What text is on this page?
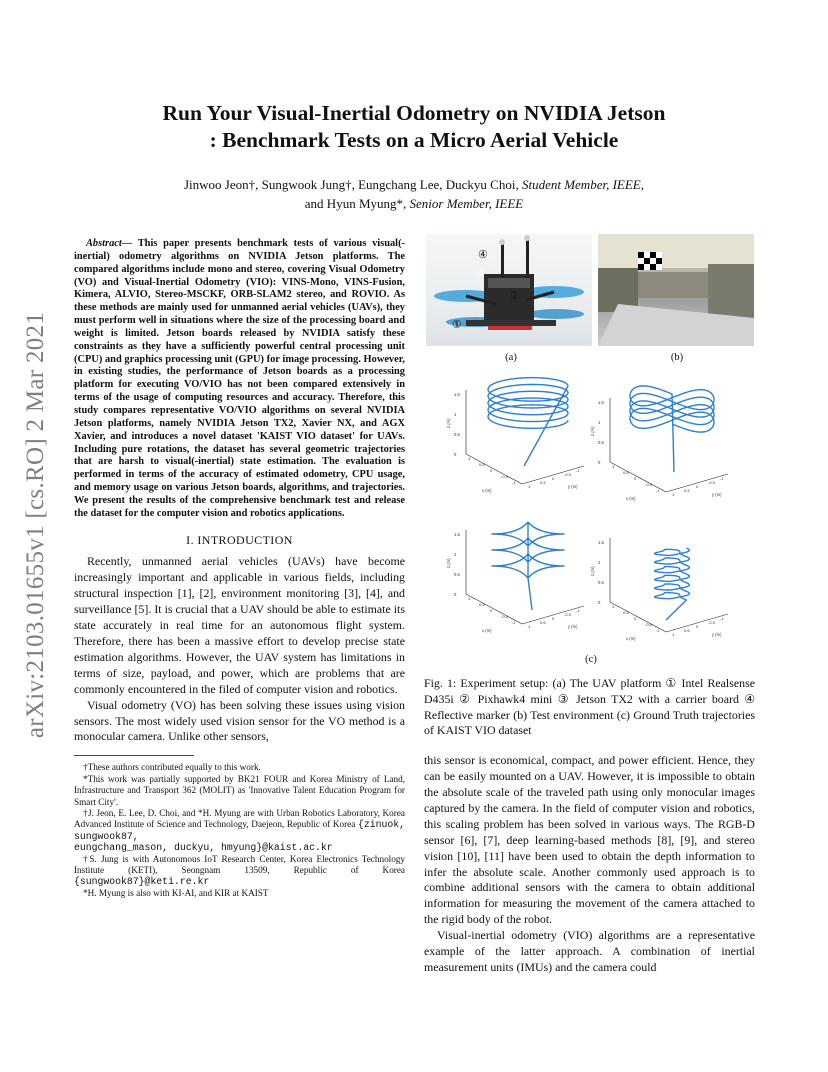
arXiv:2103.01655v1 [cs.RO] 2 Mar 2021
Run Your Visual-Inertial Odometry on NVIDIA Jetson
: Benchmark Tests on a Micro Aerial Vehicle
Jinwoo Jeon†, Sungwook Jung†, Eungchang Lee, Duckyu Choi, Student Member, IEEE,
and Hyun Myung*, Senior Member, IEEE

Abstract— This paper presents benchmark tests of various visual(-inertial) odometry algorithms on NVIDIA Jetson platforms. The compared algorithms include mono and stereo, covering Visual Odometry (VO) and Visual-Inertial Odometry (VIO): VINS-Mono, VINS-Fusion, Kimera, ALVIO, Stereo-MSCKF, ORB-SLAM2 stereo, and ROVIO. As these methods are mainly used for unmanned aerial vehicles (UAVs), they must perform well in situations where the size of the processing board and weight is limited. Jetson boards released by NVIDIA satisfy these constraints as they have a sufficiently powerful central processing unit (CPU) and graphics processing unit (GPU) for image processing. However, in existing studies, the performance of Jetson boards as a processing platform for executing VO/VIO has not been compared extensively in terms of the usage of computing resources and accuracy. Therefore, this study compares representative VO/VIO algorithms on several NVIDIA Jetson platforms, namely NVIDIA Jetson TX2, Xavier NX, and AGX Xavier, and introduces a novel dataset 'KAIST VIO dataset' for UAVs. Including pure rotations, the dataset has several geometric trajectories that are harsh to visual(-inertial) state estimation. The evaluation is performed in terms of the accuracy of estimated odometry, CPU usage, and memory usage on various Jetson boards, algorithms, and trajectories. We present the results of the comprehensive benchmark test and release the dataset for the computer vision and robotics applications.

I. INTRODUCTION

Recently, unmanned aerial vehicles (UAVs) have become increasingly important and applicable in various fields, including structural inspection [1], [2], environment monitoring [3], [4], and surveillance [5]. It is crucial that a UAV should be able to estimate its state accurately in real time for an autonomous flight system. Therefore, there has been a massive effort to develop precise state estimation algorithms. However, the UAV system has limitations in terms of size, payload, and power, which are problems that are commonly encountered in the filed of computer vision and robotics.

Visual odometry (VO) has been solving these issues using vision sensors. The most widely used vision sensor for the VO method is a monocular camera. Unlike other sensors,

†These authors contributed equally to this work.

*This work was partially supported by BK21 FOUR and Korea Ministry of Land, Infrastructure and Transport 362 (MOLIT) as 'Innovative Talent Education Program for Smart City'.

†J. Jeon, E. Lee, D. Choi, and *H. Myung are with Urban Robotics Laboratory, Korea Advanced Institute of Science and Technology, Daejeon, Republic of Korea {zinuok, sungwook87,
eungchang_mason, duckyu, hmyung}@kaist.ac.kr

†S. Jung is with Autonomous IoT Research Center, Korea Electronics Technology Institute (KETI), Seongnam 13509, Republic of Korea {sungwook87}@keti.re.kr

*H. Myung is also with KI-AI, and KIR at KAIST

④
③
②
①
(a)	(b)
1.5
1
0.5
0
z (m)
1
0.5
0
-0.5
-1
1
0.5
0
-0.5
-1
x (m)
y (m)
1.5
1
0.5
0
z (m)
1
0.5
0
-0.5
-1
1
0.5
0
-0.5
-1
x (m)
y (m)
1.5
1
0.5
0
z (m)
1
0.5
0
-0.5
-1
1
0.5
0
-0.5
-1
x (m)
y (m)
1.5
1
0.5
0
z (m)
1
0.5
0
-0.5
-1
1
0.5
0
-0.5
-1
x (m)
y (m)
(c)

Fig. 1: Experiment setup: (a) The UAV platform ① Intel Realsense D435i ② Pixhawk4 mini ③ Jetson TX2 with a carrier board ④ Reflective marker (b) Test environment (c) Ground Truth trajectories of KAIST VIO dataset

this sensor is economical, compact, and power efficient. Hence, they can be easily mounted on a UAV. However, it is impossible to obtain the absolute scale of the traveled path using only monocular images captured by the camera. In the field of computer vision and robotics, this scaling problem has been solved in various ways. The RGB-D sensor [6], [7], deep learning-based methods [8], [9], and stereo vision [10], [11] have been used to obtain the depth information to infer the absolute scale. Another commonly used approach is to combine additional sensors with the camera to obtain additional information for measuring the movement of the camera attached to the rigid body of the robot.

Visual-inertial odometry (VIO) algorithms are a representative example of the latter approach. A combination of inertial measurement units (IMUs) and the camera could
